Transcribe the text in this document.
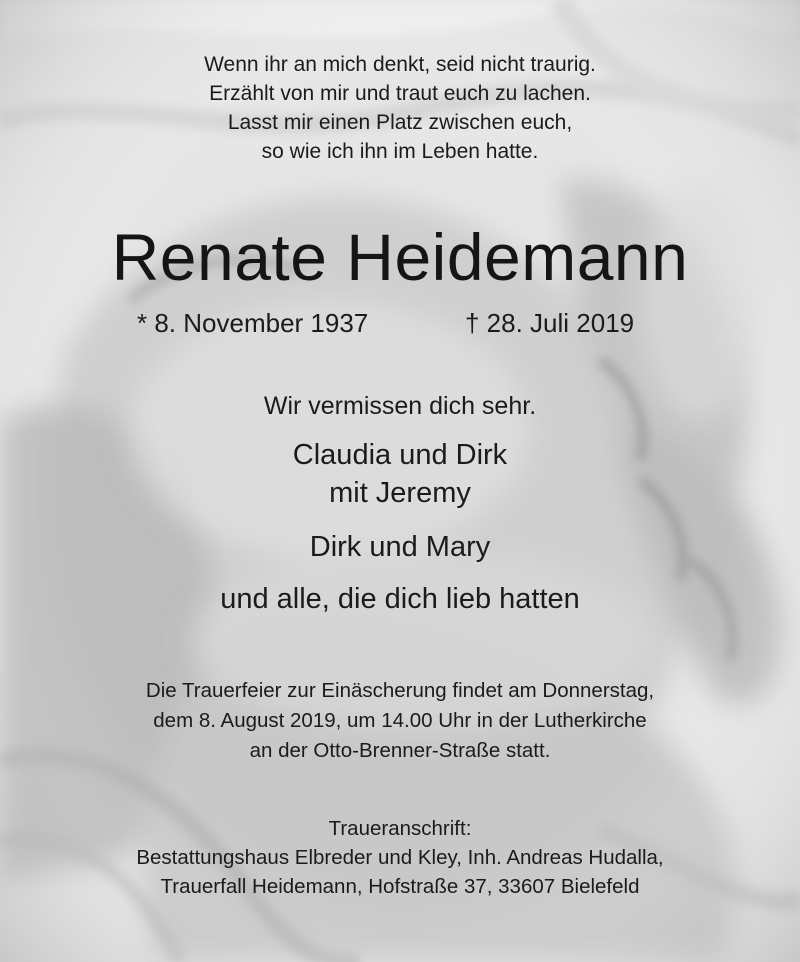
Wenn ihr an mich denkt, seid nicht traurig.
Erzählt von mir und traut euch zu lachen.
Lasst mir einen Platz zwischen euch,
so wie ich ihn im Leben hatte.
Renate Heidemann
* 8. November 1937	† 28. Juli 2019
Wir vermissen dich sehr.
Claudia und Dirk
mit Jeremy
Dirk und Mary
und alle, die dich lieb hatten
Die Trauerfeier zur Einäscherung findet am Donnerstag,
dem 8. August 2019, um 14.00 Uhr in der Lutherkirche
an der Otto-Brenner-Straße statt.
Traueranschrift:
Bestattungshaus Elbreder und Kley, Inh. Andreas Hudalla,
Trauerfall Heidemann, Hofstraße 37, 33607 Bielefeld
